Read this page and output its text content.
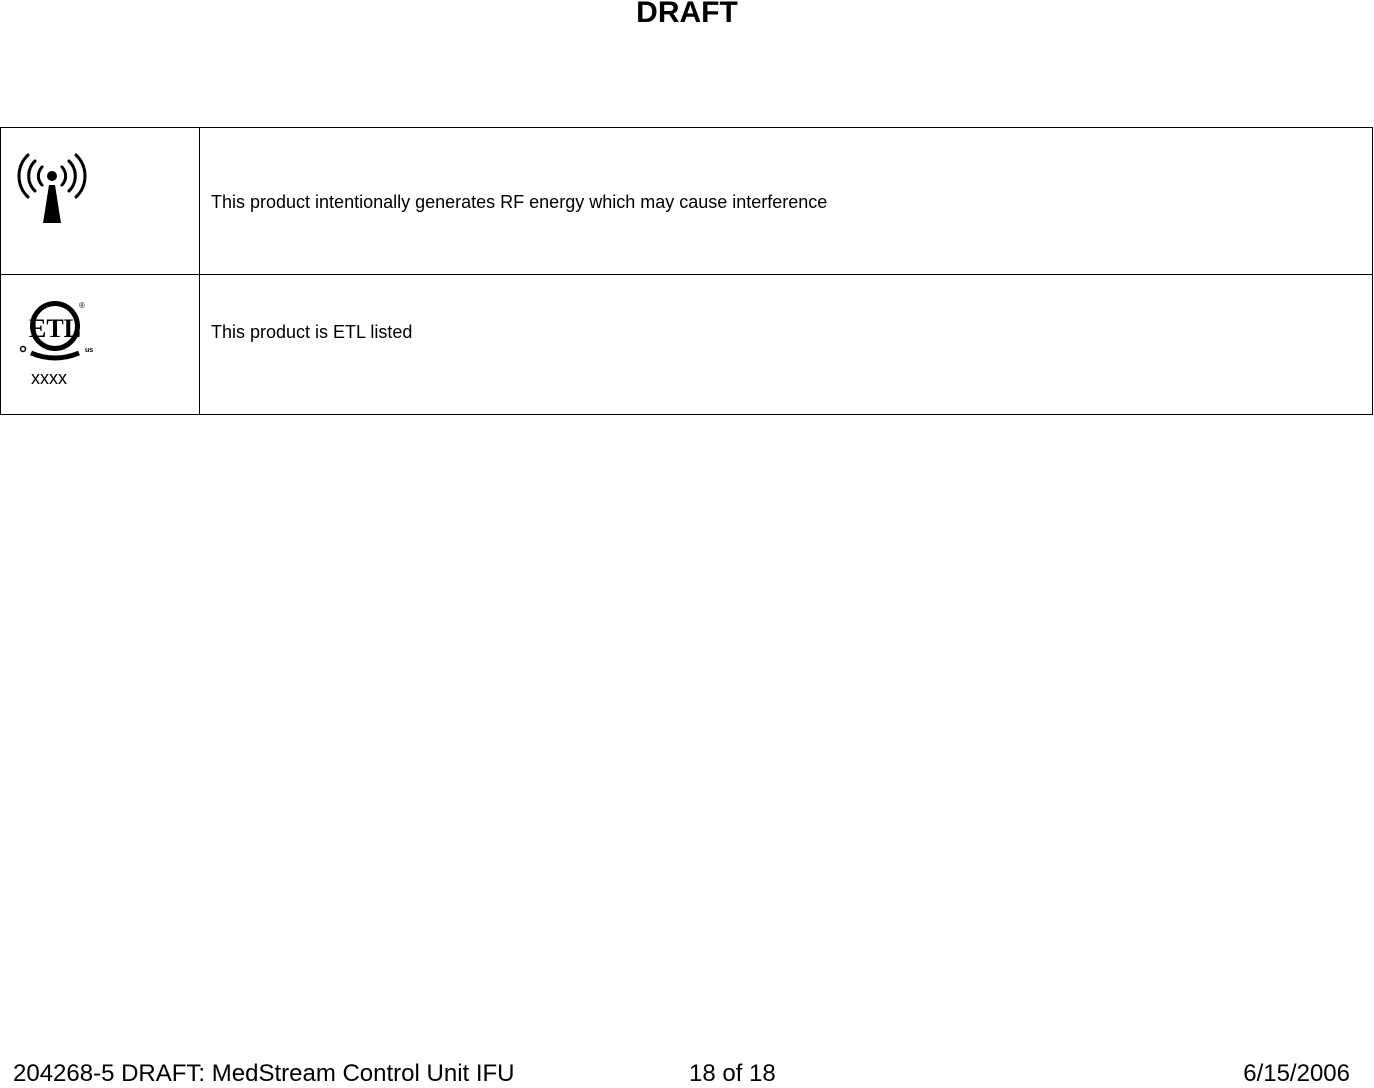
DRAFT

This product intentionally generates RF energy which may cause interference

ETL
®
us
xxxx	This product is ETL listed
204268-5 DRAFT: MedStream Control Unit IFU	18 of 18	6/15/2006
